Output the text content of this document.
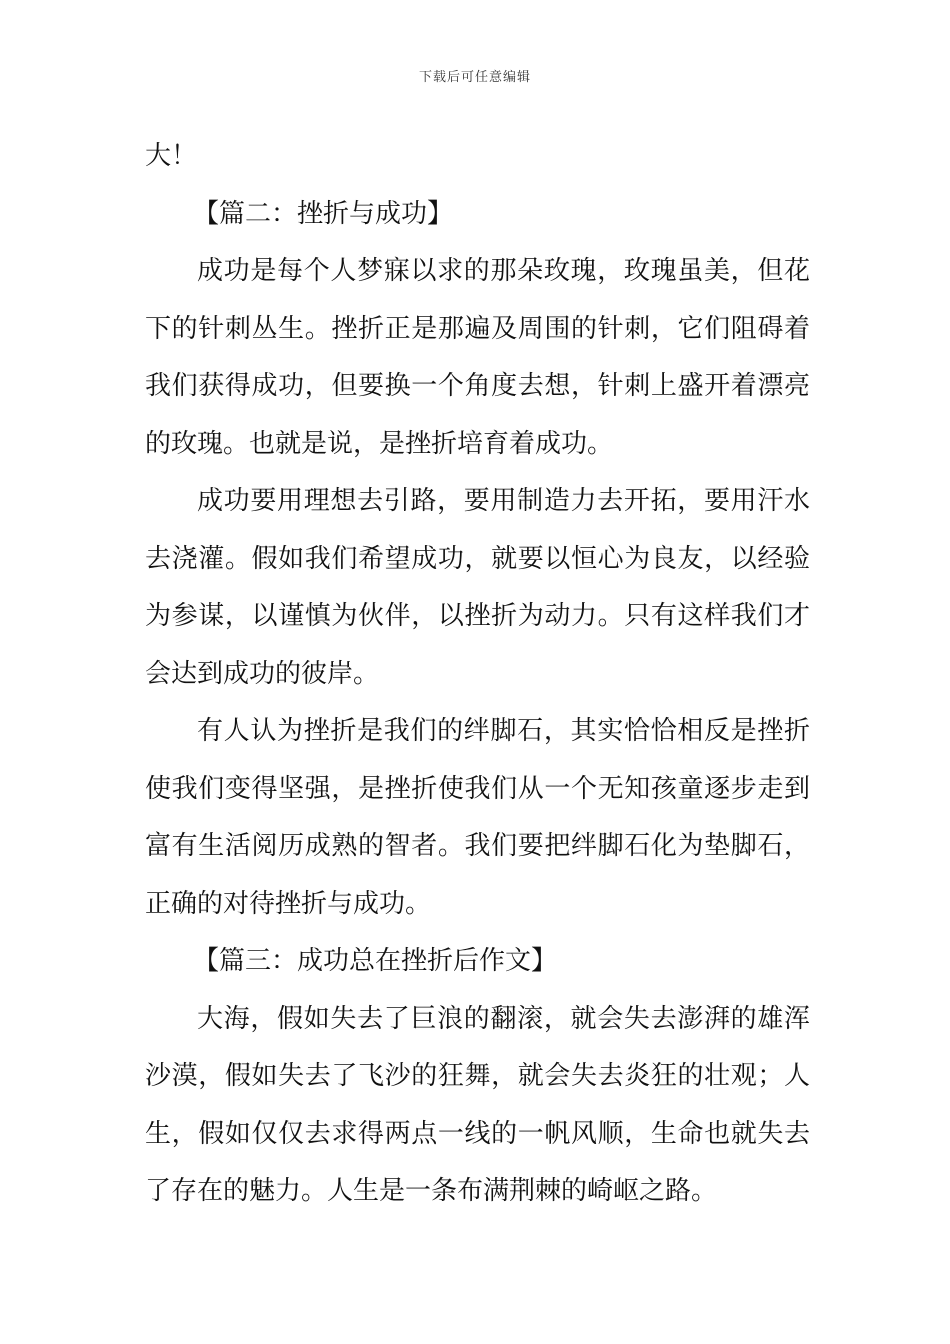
下载后可任意编辑
大！
【篇二：挫折与成功】
成功是每个人梦寐以求的那朵玫瑰，玫瑰虽美，但花
下的针刺丛生。挫折正是那遍及周围的针刺，它们阻碍着
我们获得成功，但要换一个角度去想，针刺上盛开着漂亮
的玫瑰。也就是说，是挫折培育着成功。
成功要用理想去引路，要用制造力去开拓，要用汗水
去浇灌。假如我们希望成功，就要以恒心为良友，以经验
为参谋，以谨慎为伙伴，以挫折为动力。只有这样我们才
会达到成功的彼岸。
有人认为挫折是我们的绊脚石，其实恰恰相反是挫折
使我们变得坚强，是挫折使我们从一个无知孩童逐步走到
富有生活阅历成熟的智者。我们要把绊脚石化为垫脚石，
正确的对待挫折与成功。
【篇三：成功总在挫折后作文】
大海，假如失去了巨浪的翻滚，就会失去澎湃的雄浑
沙漠，假如失去了飞沙的狂舞，就会失去炎狂的壮观；人
生，假如仅仅去求得两点一线的一帆风顺，生命也就失去
了存在的魅力。人生是一条布满荆棘的崎岖之路。
